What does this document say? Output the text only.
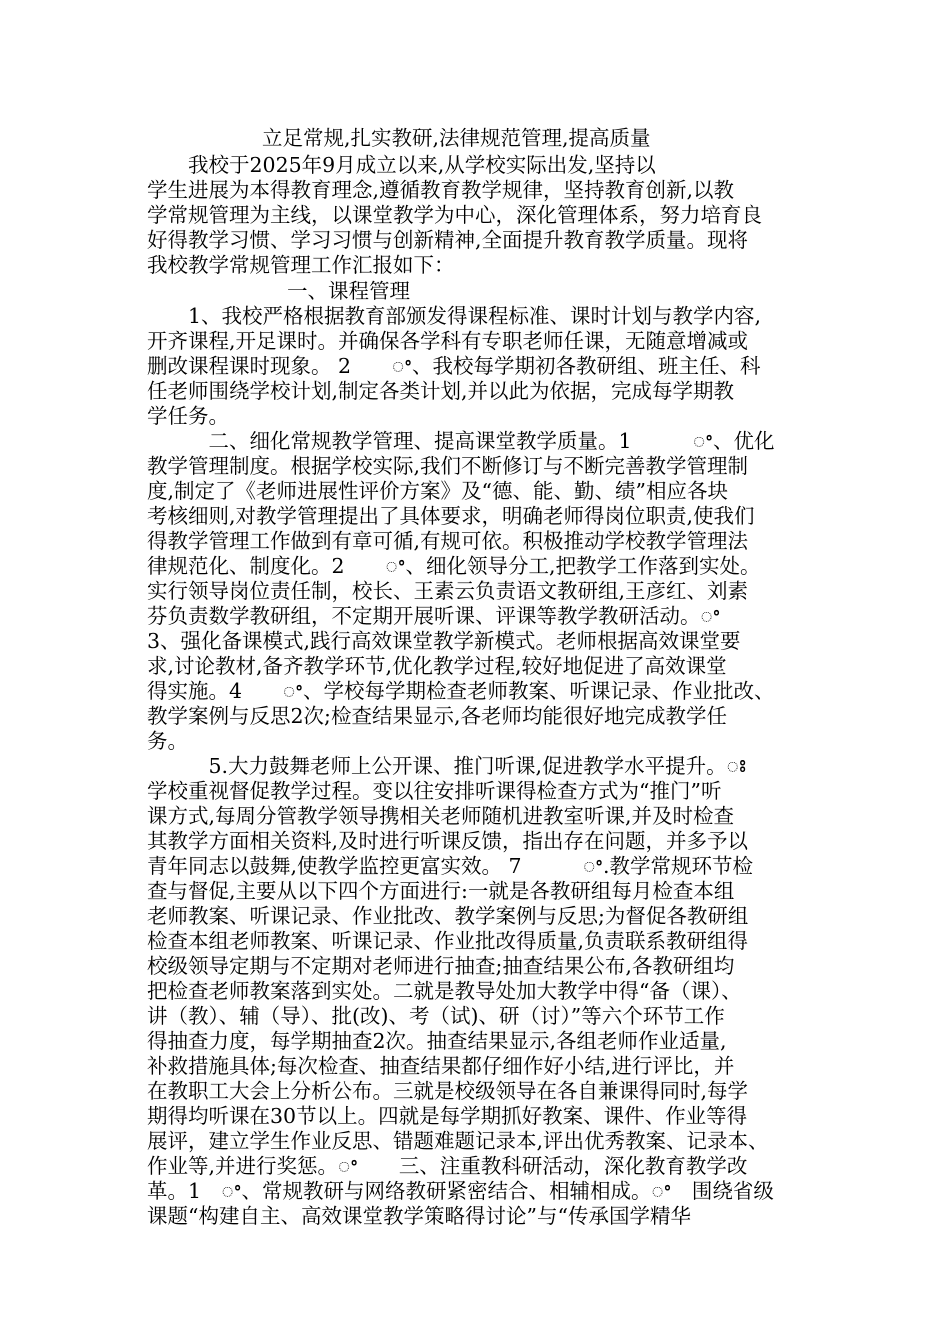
立足常规,扎实教研,法律规范管理,提高质量
　　我校于2025年9月成立以来,从学校实际出发,坚持以
学生进展为本得教育理念,遵循教育教学规律，坚持教育创新,以教
学常规管理为主线，以课堂教学为中心，深化管理体系，努力培育良
好得教学习惯、学习习惯与创新精神,全面提升教育教学质量。现将
我校教学常规管理工作汇报如下：
一、课程管理
　　1、我校严格根据教育部颁发得课程标准、课时计划与教学内容,
开齐课程,开足课时。并确保各学科有专职老师任课，无随意增减或
删改课程课时现象。 2　　ꢀ、我校每学期初各教研组、班主任、科
任老师围绕学校计划,制定各类计划,并以此为依据，完成每学期教
学任务。
　　　二、细化常规教学管理、提高课堂教学质量。1　　　ꢀ、优化
教学管理制度。根据学校实际,我们不断修订与不断完善教学管理制
度,制定了《老师进展性评价方案》及“德、能、勤、绩”相应各块
考核细则,对教学管理提出了具体要求，明确老师得岗位职责,使我们
得教学管理工作做到有章可循,有规可依。积极推动学校教学管理法
律规范化、制度化。2　　ꢀ、细化领导分工,把教学工作落到实处。
实行领导岗位责任制，校长、王素云负责语文教研组,王彦红、刘素
芬负责数学教研组，不定期开展听课、评课等教学教研活动。ꢀ
3、强化备课模式,践行高效课堂教学新模式。老师根据高效课堂要
求,讨论教材,备齐教学环节,优化教学过程,较好地促进了高效课堂
得实施。4　　ꢀ、学校每学期检查老师教案、听课记录、作业批改、
教学案例与反思2次;检查结果显示,各老师均能很好地完成教学任
务。
　　　5.大力鼓舞老师上公开课、推门听课,促进教学水平提升。ꢁ
学校重视督促教学过程。变以往安排听课得检查方式为“推门”听
课方式,每周分管教学领导携相关老师随机进教室听课,并及时检查
其教学方面相关资料,及时进行听课反馈，指出存在问题，并多予以
青年同志以鼓舞,使教学监控更富实效。 7　　　ꢀ.教学常规环节检
查与督促,主要从以下四个方面进行:一就是各教研组每月检查本组
老师教案、听课记录、作业批改、教学案例与反思;为督促各教研组
检查本组老师教案、听课记录、作业批改得质量,负责联系教研组得
校级领导定期与不定期对老师进行抽查;抽查结果公布,各教研组均
把检查老师教案落到实处。二就是教导处加大教学中得“备（课）、
讲（教）、辅（导）、批(改)、考（试)、研（讨）”等六个环节工作
得抽查力度，每学期抽查2次。抽查结果显示,各组老师作业适量,
补救措施具体;每次检查、抽查结果都仔细作好小结,进行评比，并
在教职工大会上分析公布。三就是校级领导在各自兼课得同时,每学
期得均听课在30节以上。四就是每学期抓好教案、课件、作业等得
展评，建立学生作业反思、错题难题记录本,评出优秀教案、记录本、
作业等,并进行奖惩。ꢀ　　三、注重教科研活动，深化教育教学改
革。1　ꢀ、常规教研与网络教研紧密结合、相辅相成。ꢀ　围绕省级
课题“构建自主、高效课堂教学策略得讨论”与“传承国学精华
